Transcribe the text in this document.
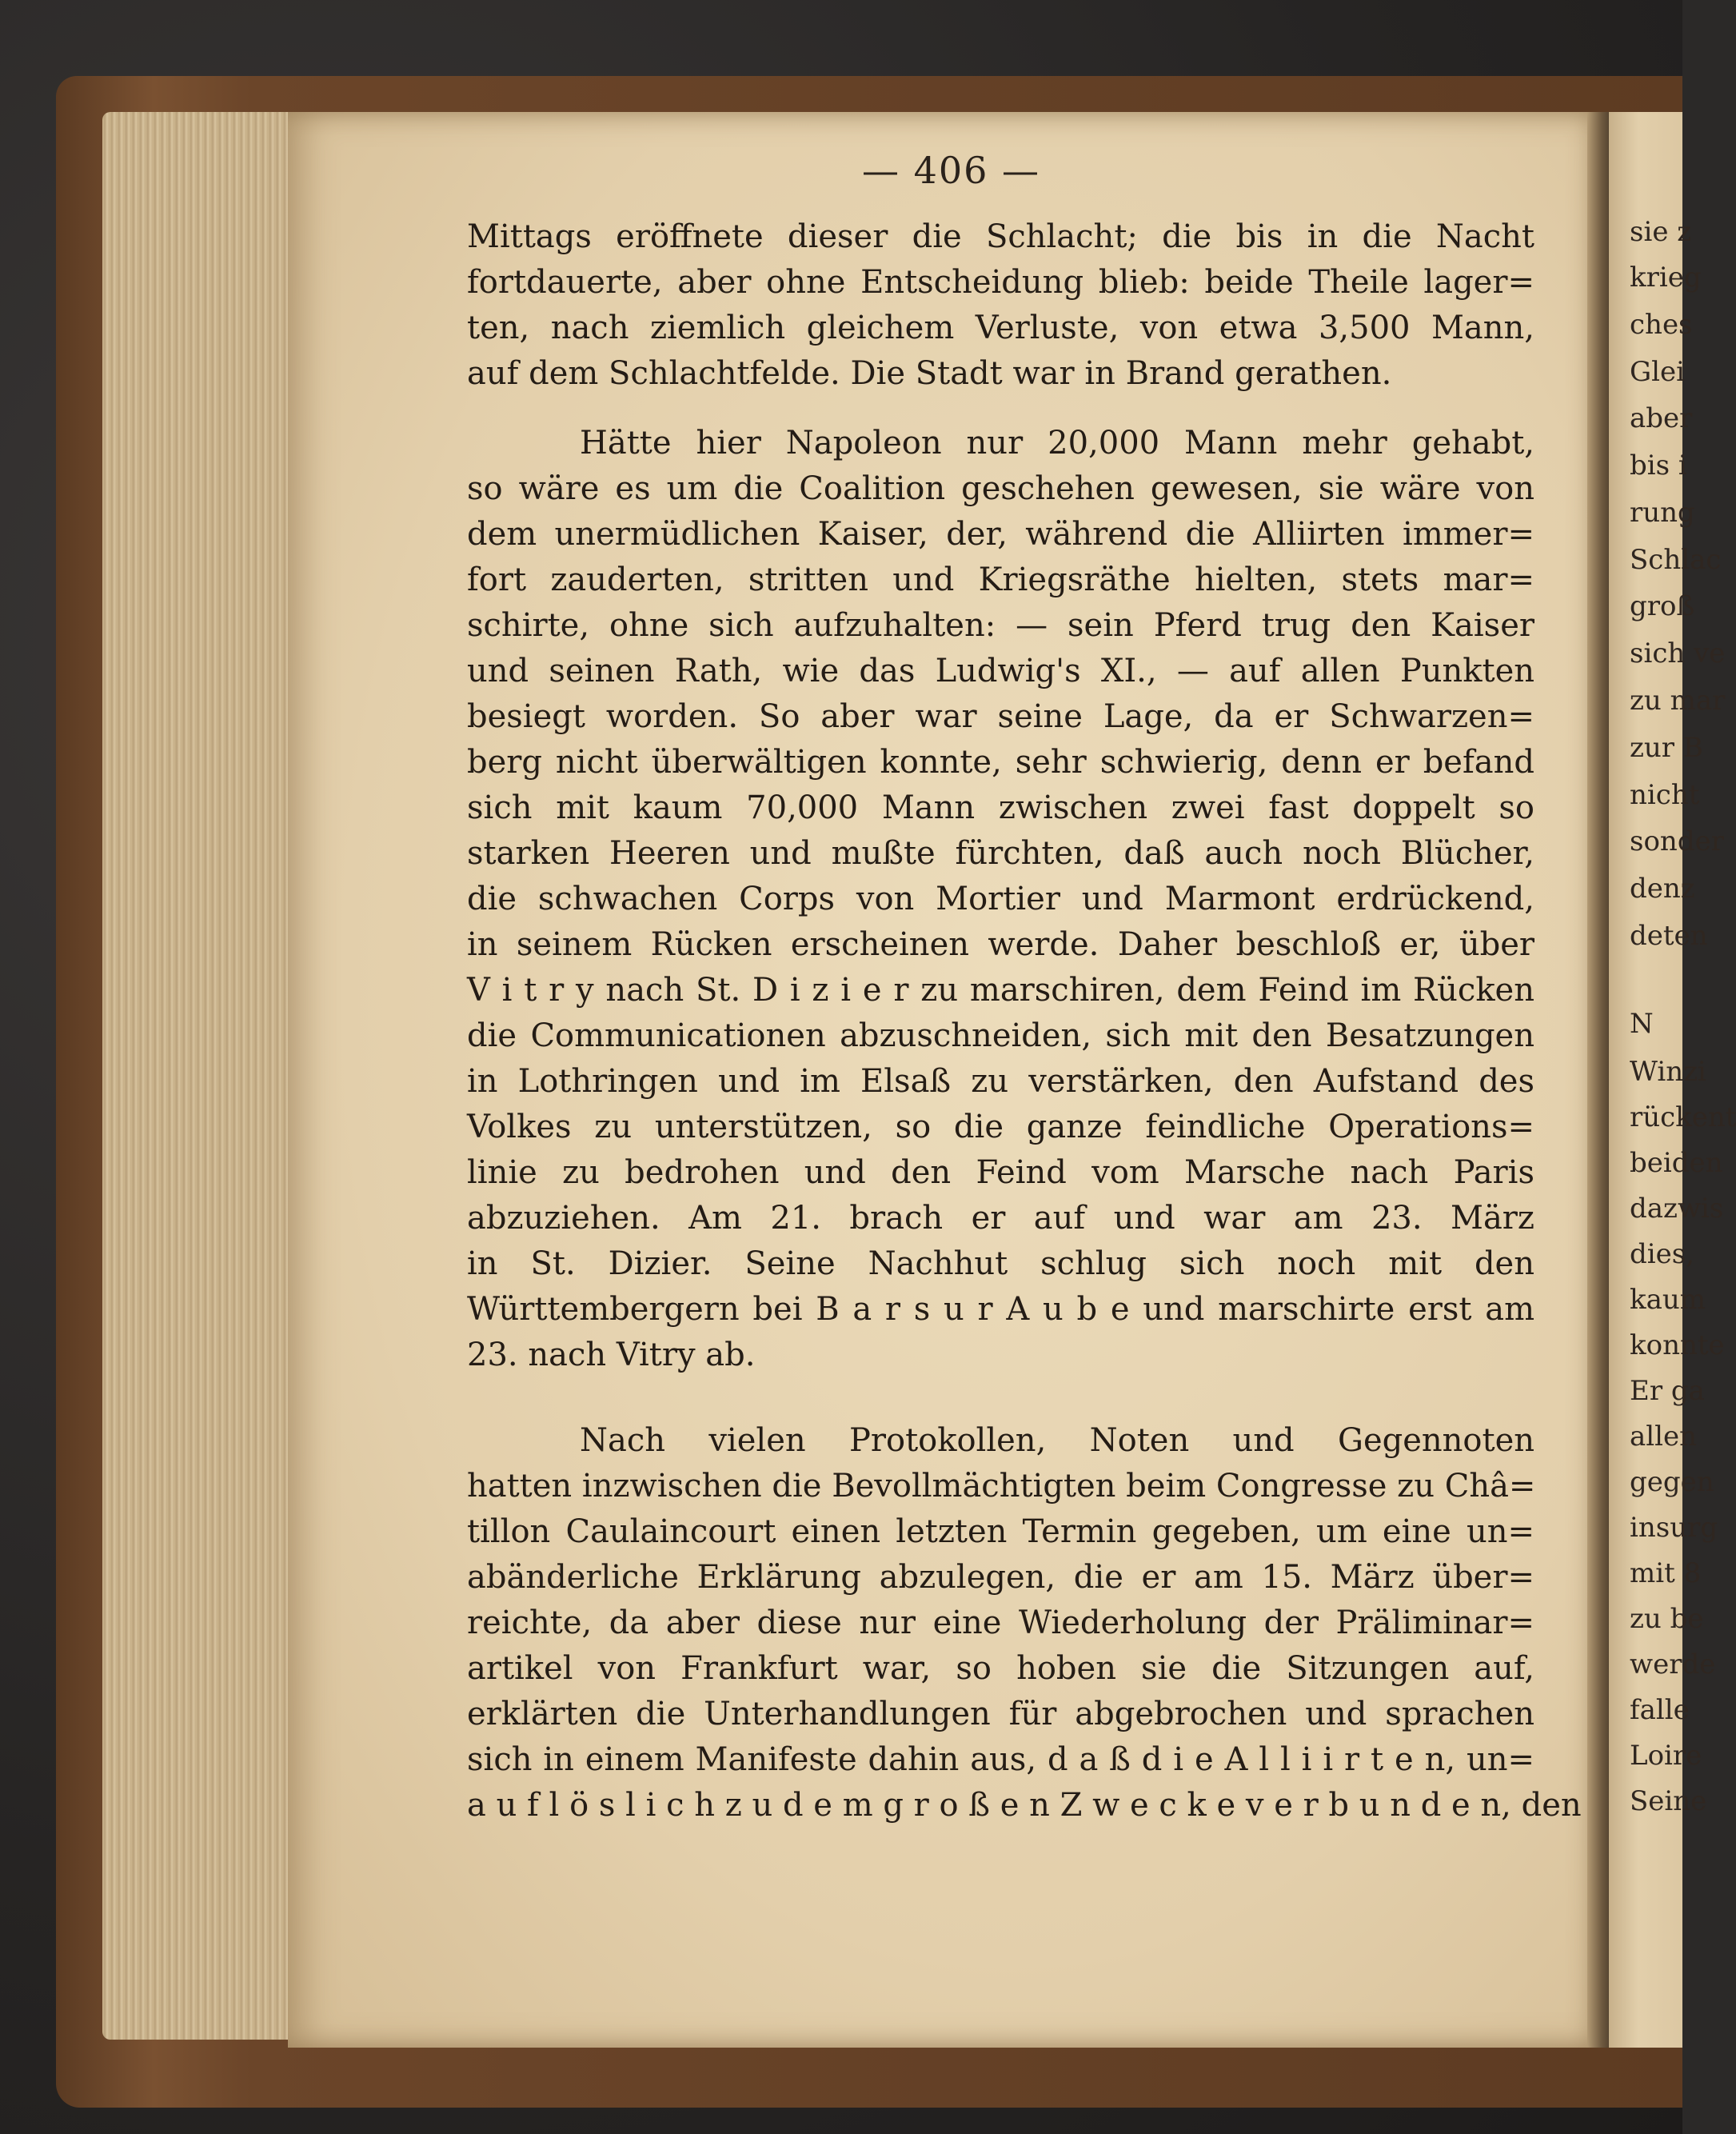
sie z
krieg
ches
Glei
aber
bis i
rung
Schlac
groß
sich ve
zu mar
zur B
nicht
sonder
denz
deten
N
Winzi
rückent
beiden
dazwis
dies,
kaum
konnte
Er ga
allen
gegen
insurg
mit 8
zu be
werde
falle
Loire
Seine
— 406 —
Mittags eröffnete dieser die Schlacht; die bis in die Nacht
fortdauerte, aber ohne Entscheidung blieb: beide Theile lager=
ten, nach ziemlich gleichem Verluste, von etwa 3,500 Mann,
auf dem Schlachtfelde. Die Stadt war in Brand gerathen.
Hätte hier Napoleon nur 20,000 Mann mehr gehabt,
so wäre es um die Coalition geschehen gewesen, sie wäre von
dem unermüdlichen Kaiser, der, während die Alliirten immer=
fort zauderten, stritten und Kriegsräthe hielten, stets mar=
schirte, ohne sich aufzuhalten: — sein Pferd trug den Kaiser
und seinen Rath, wie das Ludwig's XI., — auf allen Punkten
besiegt worden. So aber war seine Lage, da er Schwarzen=
berg nicht überwältigen konnte, sehr schwierig, denn er befand
sich mit kaum 70,000 Mann zwischen zwei fast doppelt so
starken Heeren und mußte fürchten, daß auch noch Blücher,
die schwachen Corps von Mortier und Marmont erdrückend,
in seinem Rücken erscheinen werde. Daher beschloß er, über
V i t r y nach St. D i z i e r zu marschiren, dem Feind im Rücken
die Communicationen abzuschneiden, sich mit den Besatzungen
in Lothringen und im Elsaß zu verstärken, den Aufstand des
Volkes zu unterstützen, so die ganze feindliche Operations=
linie zu bedrohen und den Feind vom Marsche nach Paris
abzuziehen. Am 21. brach er auf und war am 23. März
in St. Dizier. Seine Nachhut schlug sich noch mit den
Württembergern bei B a r s u r A u b e und marschirte erst am
23. nach Vitry ab.
Nach vielen Protokollen, Noten und Gegennoten
hatten inzwischen die Bevollmächtigten beim Congresse zu Châ=
tillon Caulaincourt einen letzten Termin gegeben, um eine un=
abänderliche Erklärung abzulegen, die er am 15. März über=
reichte, da aber diese nur eine Wiederholung der Präliminar=
artikel von Frankfurt war, so hoben sie die Sitzungen auf,
erklärten die Unterhandlungen für abgebrochen und sprachen
sich in einem Manifeste dahin aus, d a ß d i e A l l i i r t e n, un=
a u f l ö s l i c h z u d e m g r o ß e n Z w e c k e v e r b u n d e n, den
